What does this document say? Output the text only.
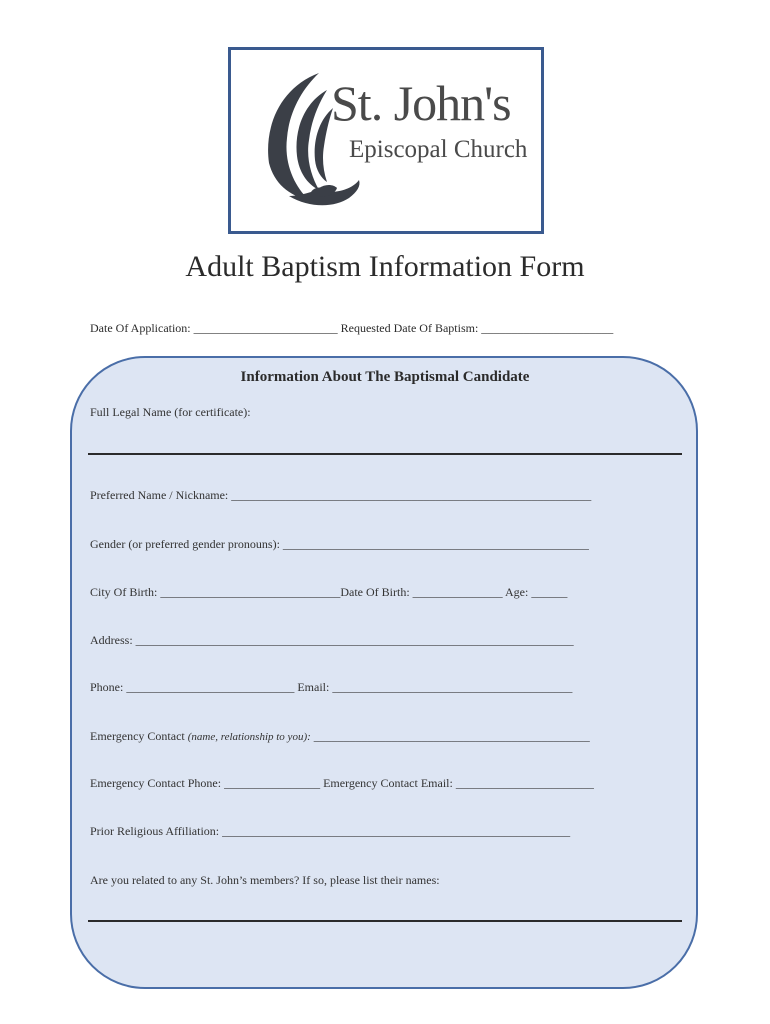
St. John's
Episcopal Church
Adult Baptism Information Form
Date Of Application: ________________________ Requested Date Of Baptism: ______________________
Information About The Baptismal Candidate
Full Legal Name (for certificate):
Preferred Name / Nickname: ____________________________________________________________
Gender (or preferred gender pronouns): ___________________________________________________
City Of Birth: ______________________________Date Of Birth: _______________ Age: ______
Address: _________________________________________________________________________
Phone: ____________________________ Email: ________________________________________
Emergency Contact (name, relationship to you): ______________________________________________
Emergency Contact Phone: ________________ Emergency Contact Email: _______________________
Prior Religious Affiliation: __________________________________________________________
Are you related to any St. John’s members? If so, please list their names:
